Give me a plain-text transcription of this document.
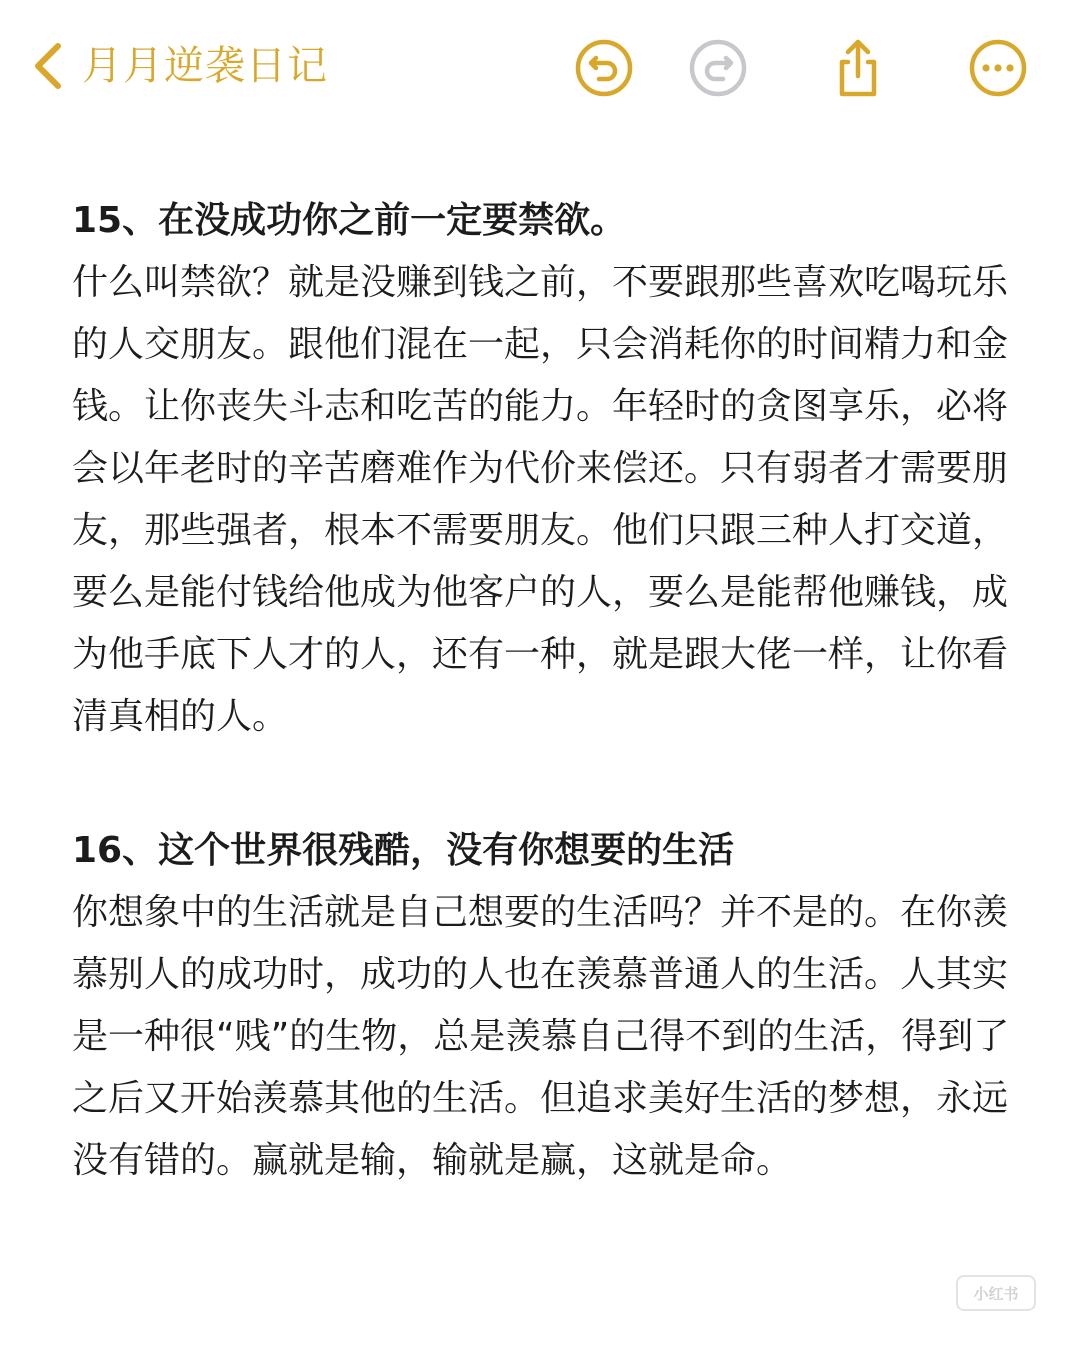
月月逆袭日记

15、在没成功你之前一定要禁欲。

什么叫禁欲？就是没赚到钱之前，不要跟那些喜欢吃喝玩乐的人交朋友。跟他们混在一起，只会消耗你的时间精力和金钱。让你丧失斗志和吃苦的能力。年轻时的贪图享乐，必将会以年老时的辛苦磨难作为代价来偿还。只有弱者才需要朋友，那些强者，根本不需要朋友。他们只跟三种人打交道，要么是能付钱给他成为他客户的人，要么是能帮他赚钱，成为他手底下人才的人，还有一种，就是跟大佬一样，让你看清真相的人。

16、这个世界很残酷，没有你想要的生活

你想象中的生活就是自己想要的生活吗？并不是的。在你羡慕别人的成功时，成功的人也在羡慕普通人的生活。人其实是一种很“贱”的生物，总是羡慕自己得不到的生活，得到了之后又开始羡慕其他的生活。但追求美好生活的梦想，永远没有错的。赢就是输，输就是赢，这就是命。

小红书
